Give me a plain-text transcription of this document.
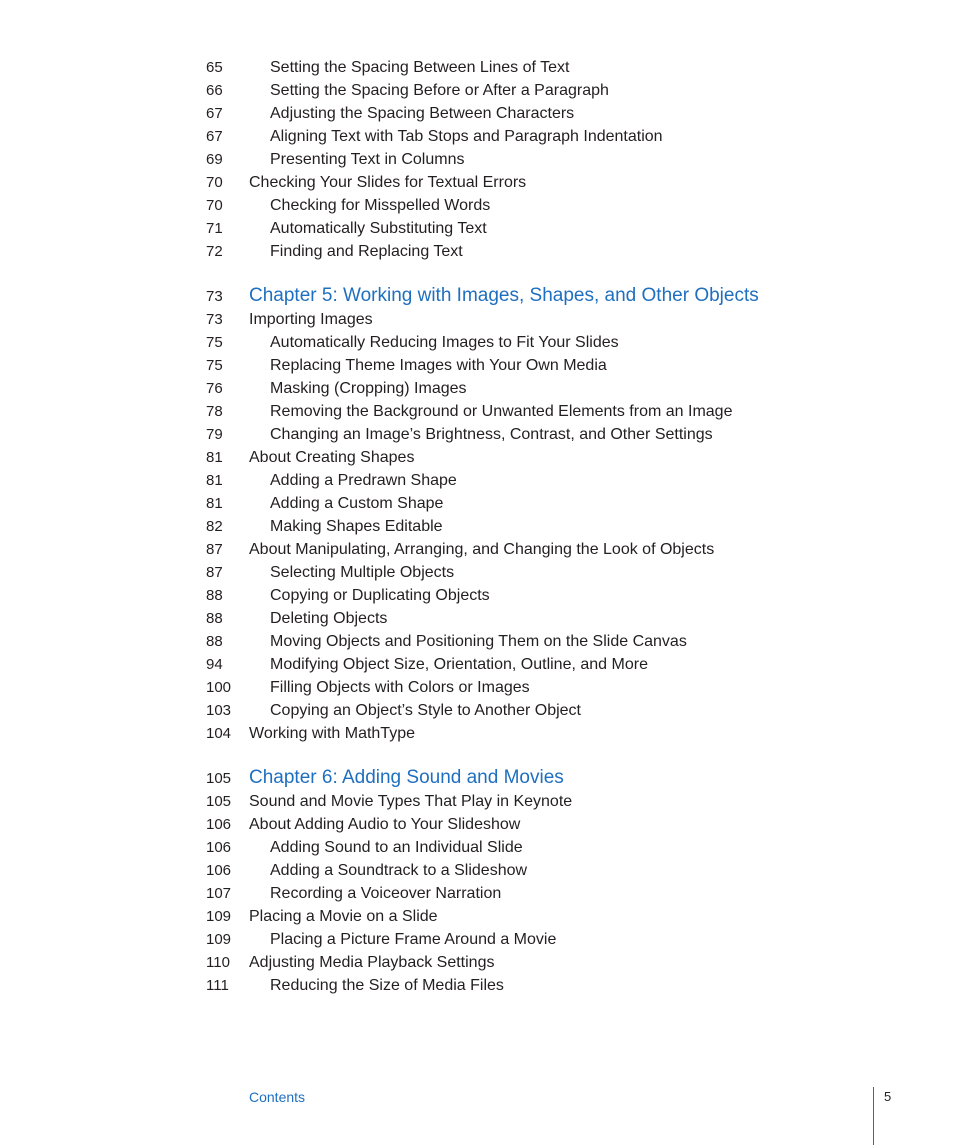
65	Setting the Spacing Between Lines of Text
66	Setting the Spacing Before or After a Paragraph
67	Adjusting the Spacing Between Characters
67	Aligning Text with Tab Stops and Paragraph Indentation
69	Presenting Text in Columns
70	Checking Your Slides for Textual Errors
70	Checking for Misspelled Words
71	Automatically Substituting Text
72	Finding and Replacing Text
73	Chapter 5: Working with Images, Shapes, and Other Objects
73	Importing Images
75	Automatically Reducing Images to Fit Your Slides
75	Replacing Theme Images with Your Own Media
76	Masking (Cropping) Images
78	Removing the Background or Unwanted Elements from an Image
79	Changing an Image’s Brightness, Contrast, and Other Settings
81	About Creating Shapes
81	Adding a Predrawn Shape
81	Adding a Custom Shape
82	Making Shapes Editable
87	About Manipulating, Arranging, and Changing the Look of Objects
87	Selecting Multiple Objects
88	Copying or Duplicating Objects
88	Deleting Objects
88	Moving Objects and Positioning Them on the Slide Canvas
94	Modifying Object Size, Orientation, Outline, and More
100	Filling Objects with Colors or Images
103	Copying an Object’s Style to Another Object
104	Working with MathType
105 Chapter 6: Adding Sound and Movies
105	Sound and Movie Types That Play in Keynote
106	About Adding Audio to Your Slideshow
106	Adding Sound to an Individual Slide
106	Adding a Soundtrack to a Slideshow
107	Recording a Voiceover Narration
109	Placing a Movie on a Slide
109	Placing a Picture Frame Around a Movie
110	Adjusting Media Playback Settings
111	Reducing the Size of Media Files
Contents	5
